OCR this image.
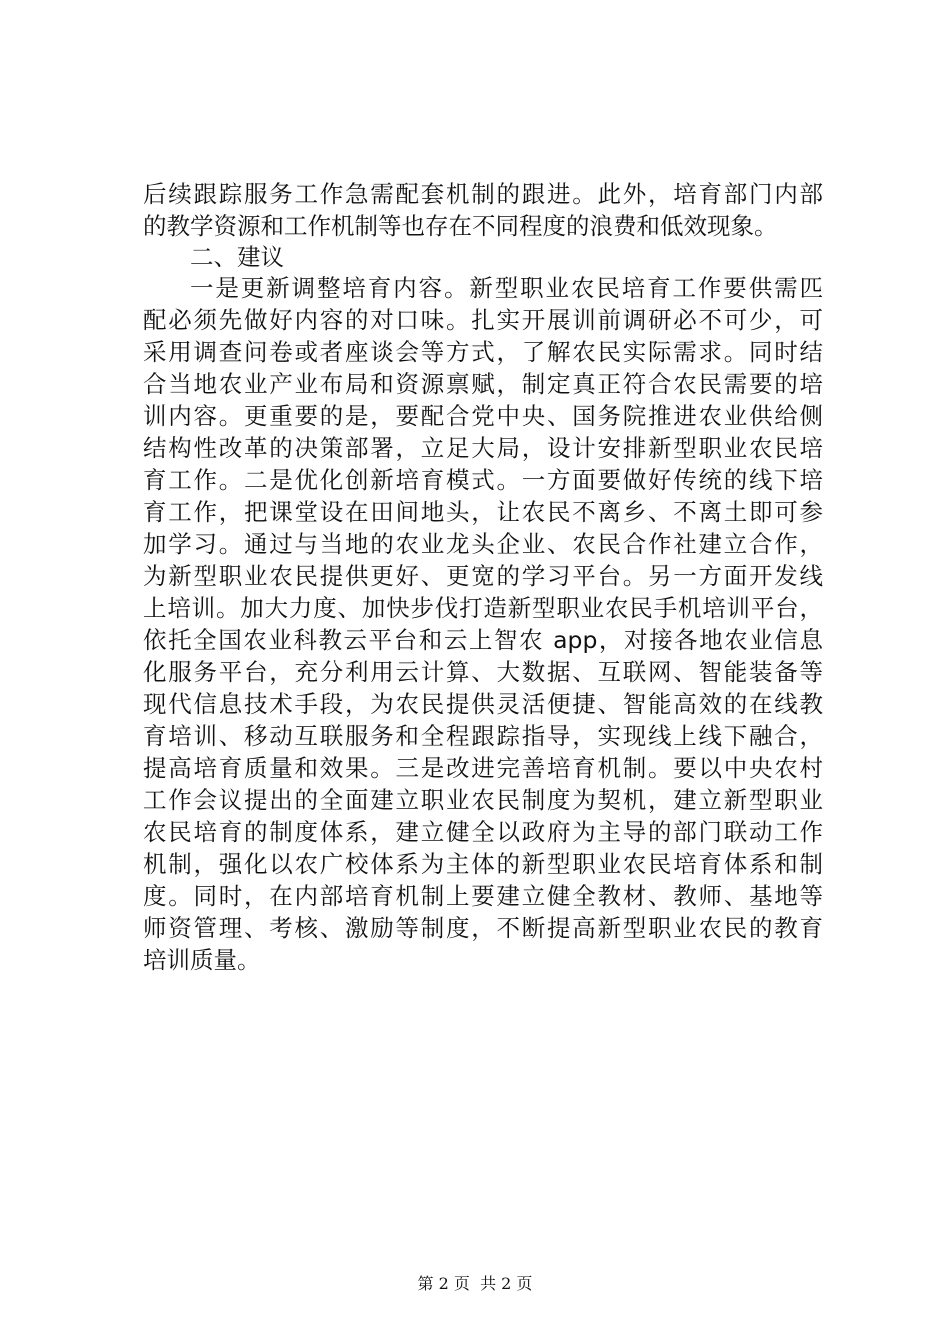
后续跟踪服务工作急需配套机制的跟进。此外，培育部门内部
的教学资源和工作机制等也存在不同程度的浪费和低效现象。
二、建议
一是更新调整培育内容。新型职业农民培育工作要供需匹
配必须先做好内容的对口味。扎实开展训前调研必不可少，可
采用调查问卷或者座谈会等方式，了解农民实际需求。同时结
合当地农业产业布局和资源禀赋，制定真正符合农民需要的培
训内容。更重要的是，要配合党中央、国务院推进农业供给侧
结构性改革的决策部署，立足大局，设计安排新型职业农民培
育工作。二是优化创新培育模式。一方面要做好传统的线下培
育工作，把课堂设在田间地头，让农民不离乡、不离土即可参
加学习。通过与当地的农业龙头企业、农民合作社建立合作，
为新型职业农民提供更好、更宽的学习平台。另一方面开发线
上培训。加大力度、加快步伐打造新型职业农民手机培训平台，
依托全国农业科教云平台和云上智农 app，对接各地农业信息
化服务平台，充分利用云计算、大数据、互联网、智能装备等
现代信息技术手段，为农民提供灵活便捷、智能高效的在线教
育培训、移动互联服务和全程跟踪指导，实现线上线下融合，
提高培育质量和效果。三是改进完善培育机制。要以中央农村
工作会议提出的全面建立职业农民制度为契机，建立新型职业
农民培育的制度体系，建立健全以政府为主导的部门联动工作
机制，强化以农广校体系为主体的新型职业农民培育体系和制
度。同时，在内部培育机制上要建立健全教材、教师、基地等
师资管理、考核、激励等制度，不断提高新型职业农民的教育
培训质量。
第 2 页  共 2 页
